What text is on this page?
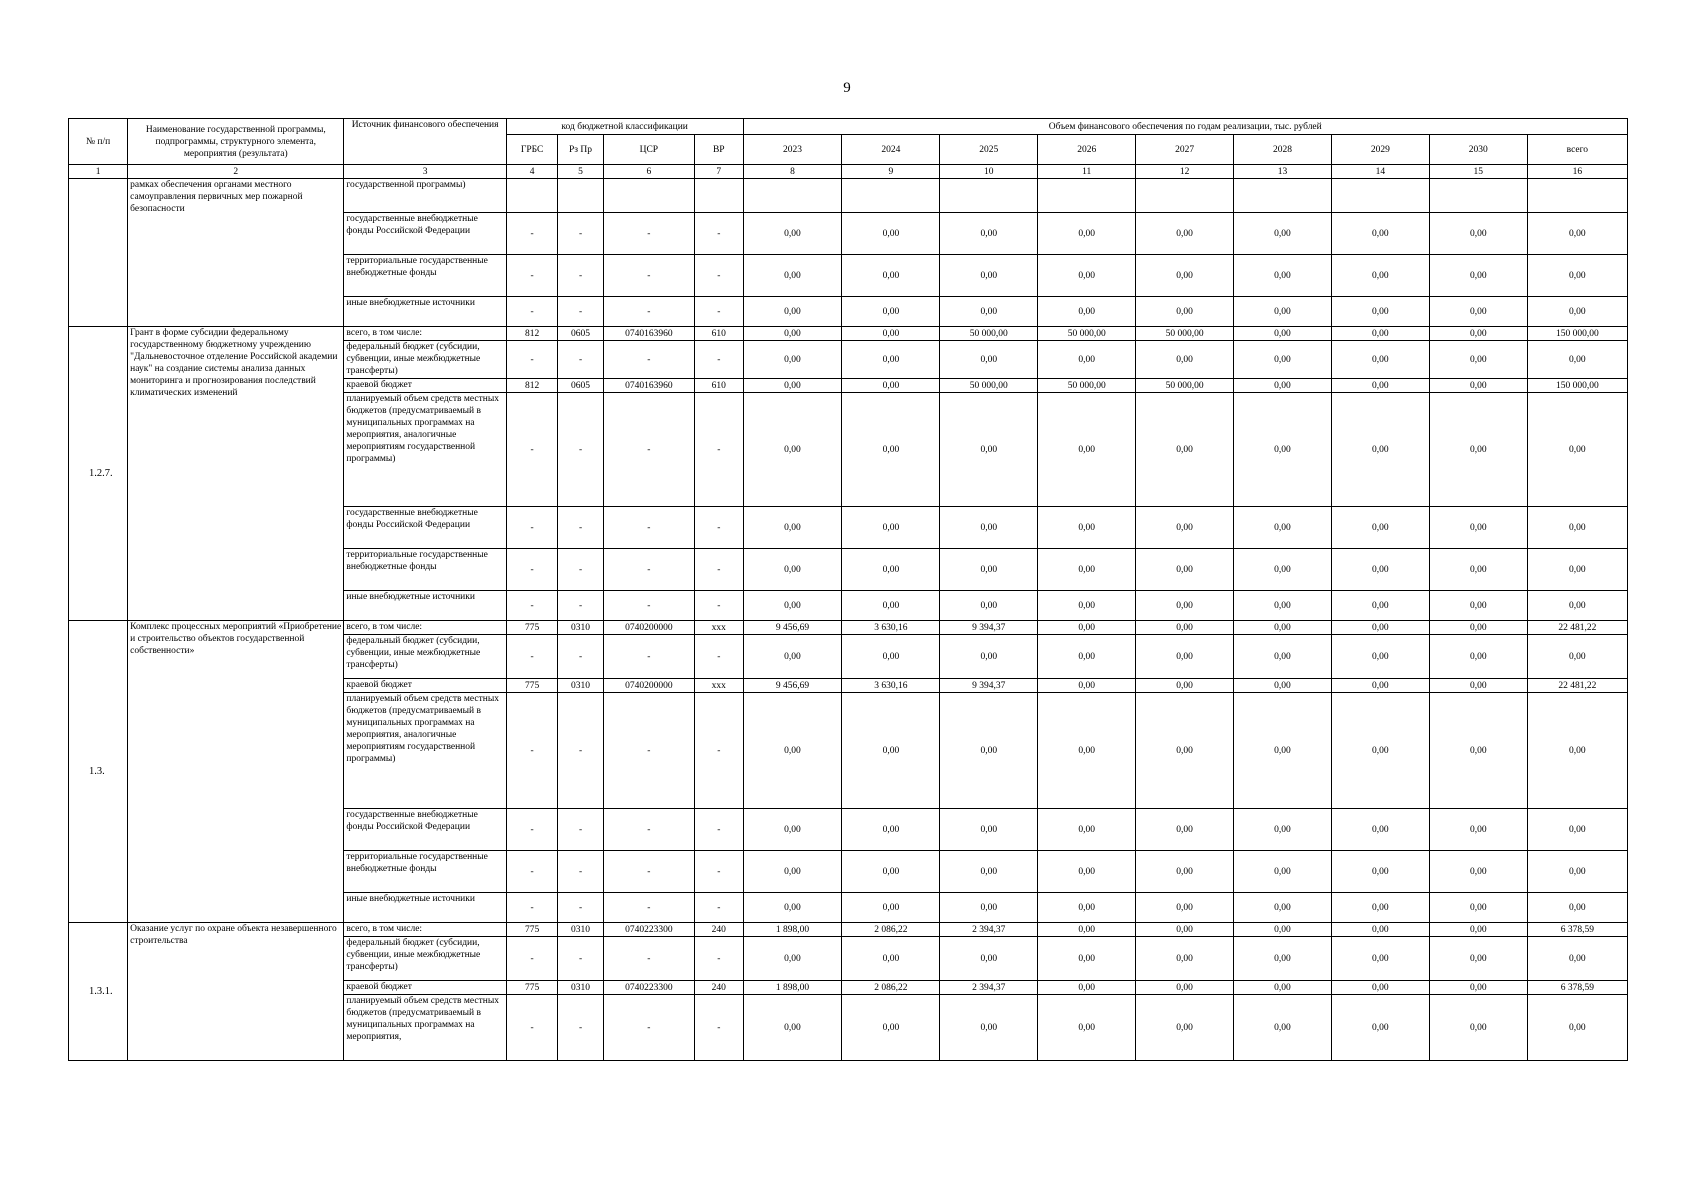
9
№ п/п	Наименование государственной программы, подпрограммы, структурного элемента, мероприятия (результата)	Источник финансового обеспечения	код бюджетной классификации				Объем финансового обеспечения по годам реализации, тыс. рублей								
			ГРБС	Рз Пр	ЦСР	ВР	2023	2024	2025	2026	2027	2028	2029	2030	всего
1	2	3	4	5	6	7	8	9	10	11	12	13	14	15	16
	рамках обеспечения органами местного самоуправления первичных мер пожарной безопасности	государственной программы)													
		государственные внебюджетные фонды Российской Федерации	-	-	-	-	0,00	0,00	0,00	0,00	0,00	0,00	0,00	0,00	0,00
		территориальные государственные внебюджетные фонды	-	-	-	-	0,00	0,00	0,00	0,00	0,00	0,00	0,00	0,00	0,00
		иные внебюджетные источники	-	-	-	-	0,00	0,00	0,00	0,00	0,00	0,00	0,00	0,00	0,00
1.2.7.	Грант в форме субсидии федеральному государственному бюджетному учреждению "Дальневосточное отделение Российской академии наук" на создание системы анализа данных мониторинга и прогнозирования последствий климатических изменений	всего, в том числе:	812	0605	0740163960	610	0,00	0,00	50 000,00	50 000,00	50 000,00	0,00	0,00	0,00	150 000,00
		федеральный бюджет (субсидии, субвенции, иные межбюджетные трансферты)	-	-	-	-	0,00	0,00	0,00	0,00	0,00	0,00	0,00	0,00	0,00
		краевой бюджет	812	0605	0740163960	610	0,00	0,00	50 000,00	50 000,00	50 000,00	0,00	0,00	0,00	150 000,00
		планируемый объем средств местных бюджетов (предусматриваемый в муниципальных программах на мероприятия, аналогичные мероприятиям государственной программы)	-	-	-	-	0,00	0,00	0,00	0,00	0,00	0,00	0,00	0,00	0,00
		государственные внебюджетные фонды Российской Федерации	-	-	-	-	0,00	0,00	0,00	0,00	0,00	0,00	0,00	0,00	0,00
		территориальные государственные внебюджетные фонды	-	-	-	-	0,00	0,00	0,00	0,00	0,00	0,00	0,00	0,00	0,00
		иные внебюджетные источники	-	-	-	-	0,00	0,00	0,00	0,00	0,00	0,00	0,00	0,00	0,00
1.3.	Комплекс процессных мероприятий «Приобретение и строительство объектов государственной собственности»	всего, в том числе:	775	0310	0740200000	xxx	9 456,69	3 630,16	9 394,37	0,00	0,00	0,00	0,00	0,00	22 481,22
		федеральный бюджет (субсидии, субвенции, иные межбюджетные трансферты)	-	-	-	-	0,00	0,00	0,00	0,00	0,00	0,00	0,00	0,00	0,00
		краевой бюджет	775	0310	0740200000	xxx	9 456,69	3 630,16	9 394,37	0,00	0,00	0,00	0,00	0,00	22 481,22
		планируемый объем средств местных бюджетов (предусматриваемый в муниципальных программах на мероприятия, аналогичные мероприятиям государственной программы)	-	-	-	-	0,00	0,00	0,00	0,00	0,00	0,00	0,00	0,00	0,00
		государственные внебюджетные фонды Российской Федерации	-	-	-	-	0,00	0,00	0,00	0,00	0,00	0,00	0,00	0,00	0,00
		территориальные государственные внебюджетные фонды	-	-	-	-	0,00	0,00	0,00	0,00	0,00	0,00	0,00	0,00	0,00
		иные внебюджетные источники	-	-	-	-	0,00	0,00	0,00	0,00	0,00	0,00	0,00	0,00	0,00
1.3.1.	Оказание услуг по охране объекта незавершенного строительства	всего, в том числе:	775	0310	0740223300	240	1 898,00	2 086,22	2 394,37	0,00	0,00	0,00	0,00	0,00	6 378,59
		федеральный бюджет (субсидии, субвенции, иные межбюджетные трансферты)	-	-	-	-	0,00	0,00	0,00	0,00	0,00	0,00	0,00	0,00	0,00
		краевой бюджет	775	0310	0740223300	240	1 898,00	2 086,22	2 394,37	0,00	0,00	0,00	0,00	0,00	6 378,59
		планируемый объем средств местных бюджетов (предусматриваемый в муниципальных программах на мероприятия,	-	-	-	-	0,00	0,00	0,00	0,00	0,00	0,00	0,00	0,00	0,00
